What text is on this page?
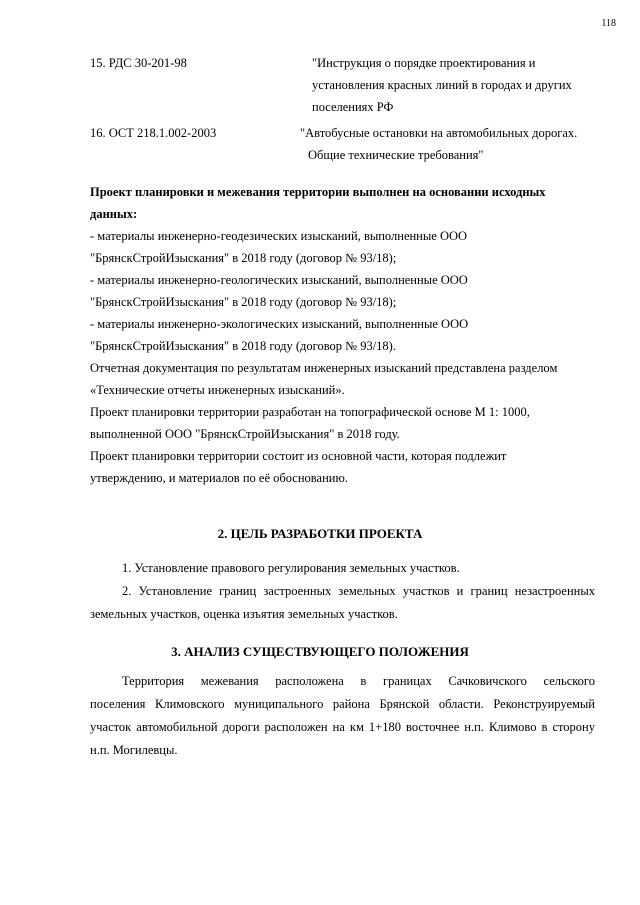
118
15. РДС 30-201-98	"Инструкция о порядке проектирования и
установления красных линий в городах и других
поселениях РФ
16. ОСТ 218.1.002-2003	"Автобусные остановки на автомобильных дорогах.
Общие технические требования"
Проект планировки и межевания территории выполнен на основании исходных
данных:
- материалы инженерно-геодезических изысканий, выполненные ООО
"БрянскСтройИзыскания" в 2018 году (договор № 93/18);
- материалы инженерно-геологических изысканий, выполненные ООО
"БрянскСтройИзыскания" в 2018 году (договор № 93/18);
- материалы инженерно-экологических изысканий, выполненные ООО
"БрянскСтройИзыскания" в 2018 году (договор № 93/18).
Отчетная документация по результатам инженерных изысканий представлена разделом
«Технические отчеты инженерных изысканий».
Проект планировки территории разработан на топографической основе М 1: 1000,
выполненной ООО "БрянскСтройИзыскания" в 2018 году.
Проект планировки территории состоит из основной части, которая подлежит
утверждению, и материалов по её обоснованию.
2. ЦЕЛЬ РАЗРАБОТКИ ПРОЕКТА
1. Установление правового регулирования земельных участков.
2. Установление границ застроенных земельных участков и границ незастроенных
земельных участков, оценка изъятия земельных участков.
3. АНАЛИЗ СУЩЕСТВУЮЩЕГО ПОЛОЖЕНИЯ
Территория межевания расположена в границах Сачковичского сельского
поселения Климовского муниципального района Брянской области. Реконструируемый
участок автомобильной дороги расположен на км 1+180 восточнее н.п. Климово в сторону
н.п. Могилевцы.
